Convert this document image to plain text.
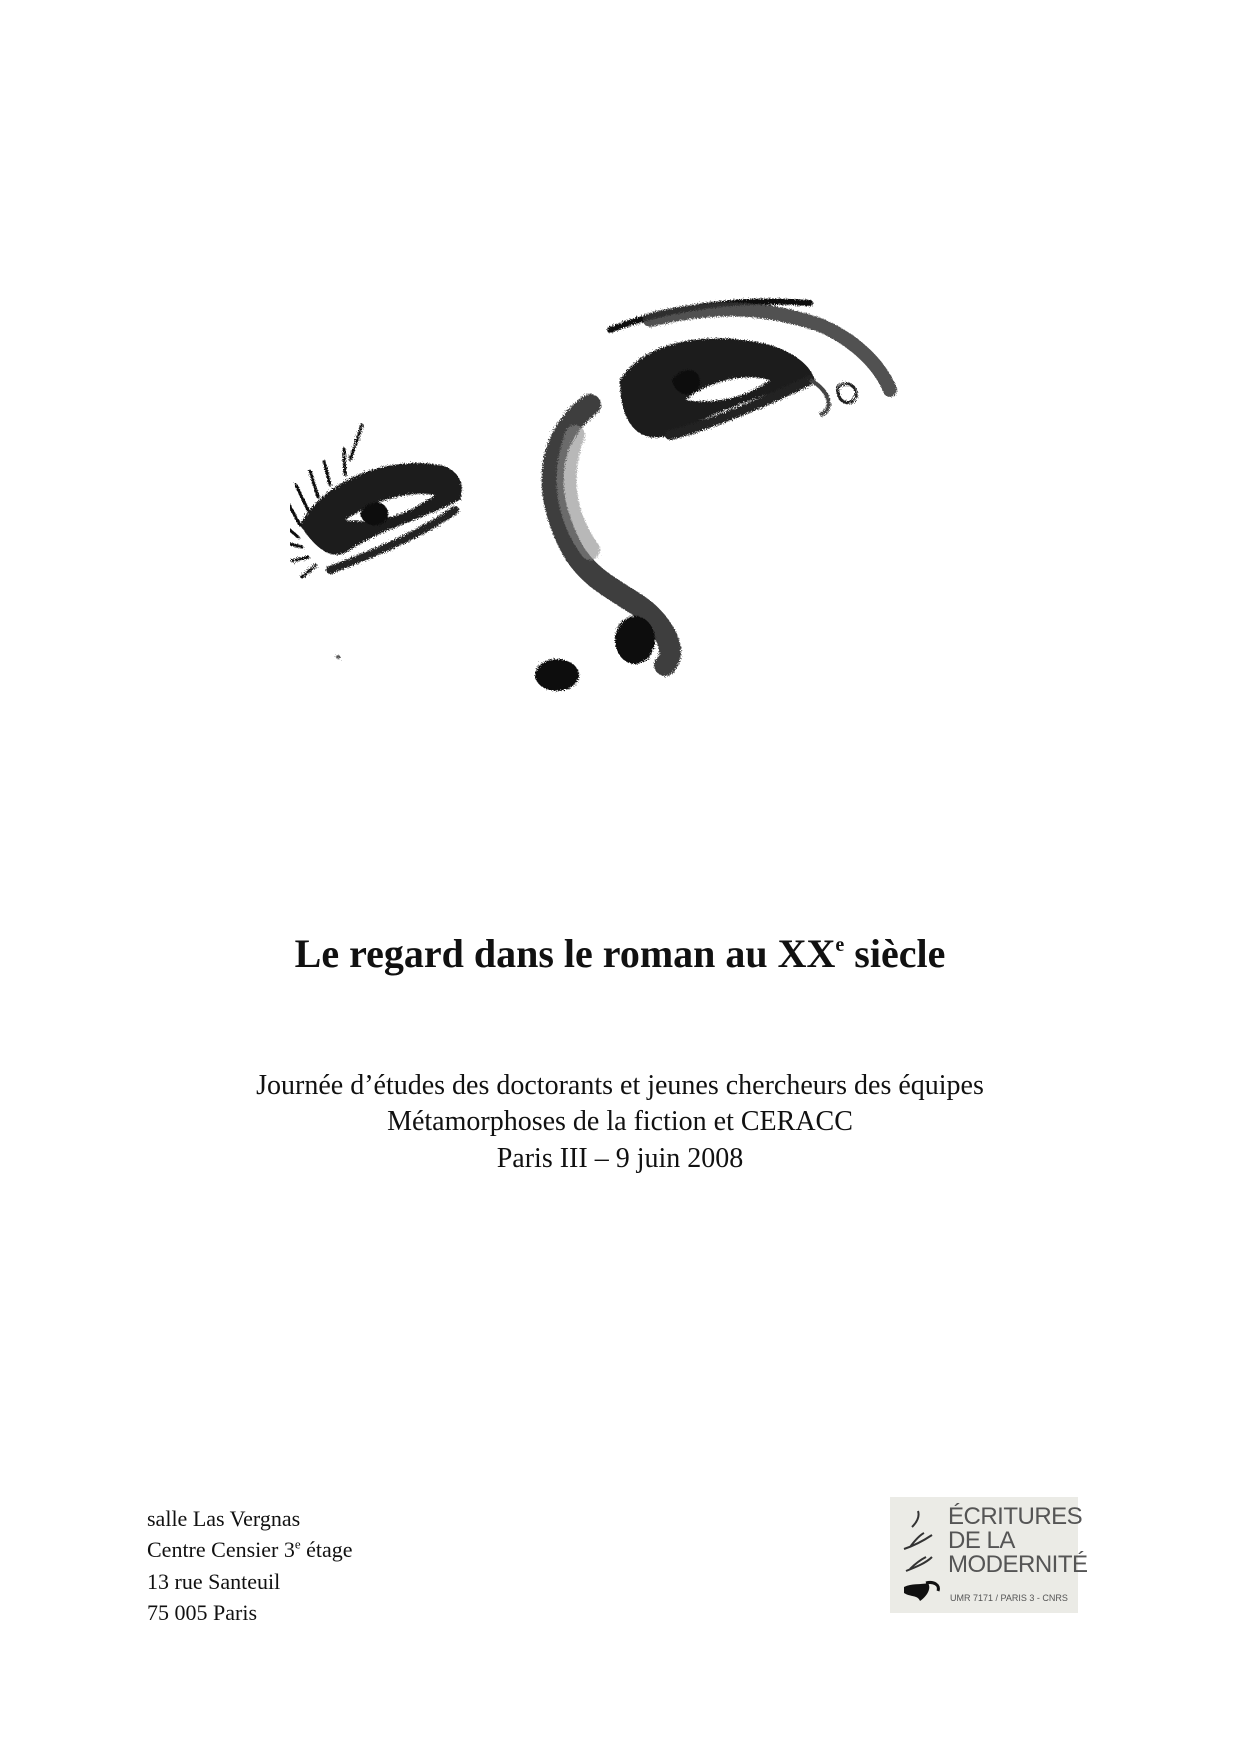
Le regard dans le roman au XXe siècle
Journée d’études des doctorants et jeunes chercheurs des équipes
Métamorphoses de la fiction et CERACC
Paris III – 9 juin 2008
salle Las Vergnas
Centre Censier 3e étage
13 rue Santeuil
75 005 Paris
ÉCRITURES
DE LA
MODERNITÉ
UMR 7171 / PARIS 3 - CNRS
